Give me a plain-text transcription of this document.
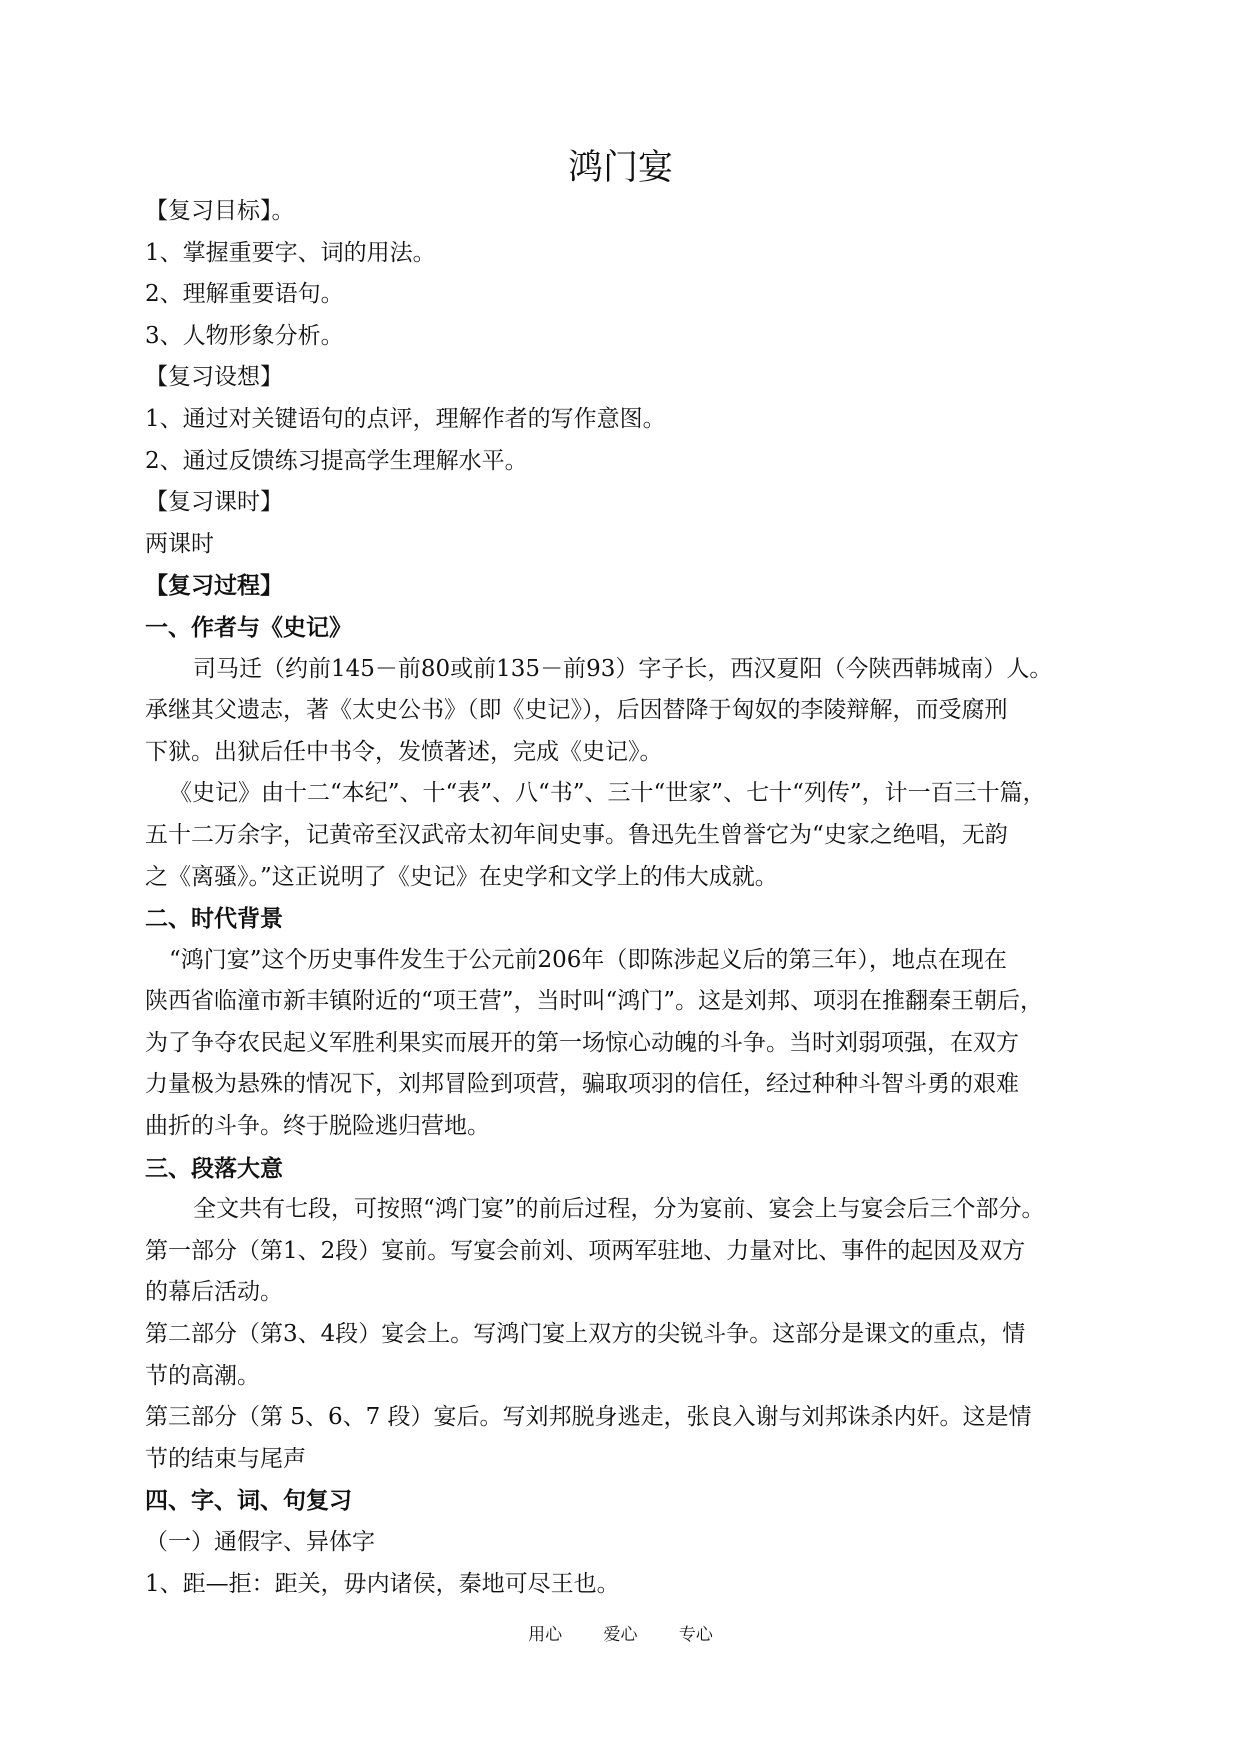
鸿门宴
【复习目标】。
1、掌握重要字、词的用法。
2、理解重要语句。
3、人物形象分析。
【复习设想】
1、通过对关键语句的点评，理解作者的写作意图。
2、通过反馈练习提高学生理解水平。
【复习课时】
两课时
【复习过程】
一、作者与《史记》
司马迁（约前145－前80或前135－前93）字子长，西汉夏阳（今陕西韩城南）人。
承继其父遗志，著《太史公书》（即《史记》），后因替降于匈奴的李陵辩解，而受腐刑
下狱。出狱后任中书令，发愤著述，完成《史记》。
《史记》由十二“本纪”、十“表”、八“书”、三十“世家”、七十“列传”，计一百三十篇，
五十二万余字，记黄帝至汉武帝太初年间史事。鲁迅先生曾誉它为“史家之绝唱，无韵
之《离骚》。”这正说明了《史记》在史学和文学上的伟大成就。
二、时代背景
“鸿门宴”这个历史事件发生于公元前206年（即陈涉起义后的第三年），地点在现在
陕西省临潼市新丰镇附近的“项王营”，当时叫“鸿门”。这是刘邦、项羽在推翻秦王朝后，
为了争夺农民起义军胜利果实而展开的第一场惊心动魄的斗争。当时刘弱项强，在双方
力量极为悬殊的情况下，刘邦冒险到项营，骗取项羽的信任，经过种种斗智斗勇的艰难
曲折的斗争。终于脱险逃归营地。
三、段落大意
全文共有七段，可按照“鸿门宴”的前后过程，分为宴前、宴会上与宴会后三个部分。
第一部分（第1、2段）宴前。写宴会前刘、项两军驻地、力量对比、事件的起因及双方
的幕后活动。
第二部分（第3、4段）宴会上。写鸿门宴上双方的尖锐斗争。这部分是课文的重点，情
节的高潮。
第三部分（第 5、6、7 段）宴后。写刘邦脱身逃走，张良入谢与刘邦诛杀内奸。这是情
节的结束与尾声
四、字、词、句复习
（一）通假字、异体字
1、距—拒：距关，毋内诸侯，秦地可尽王也。
用心 爱心 专心
